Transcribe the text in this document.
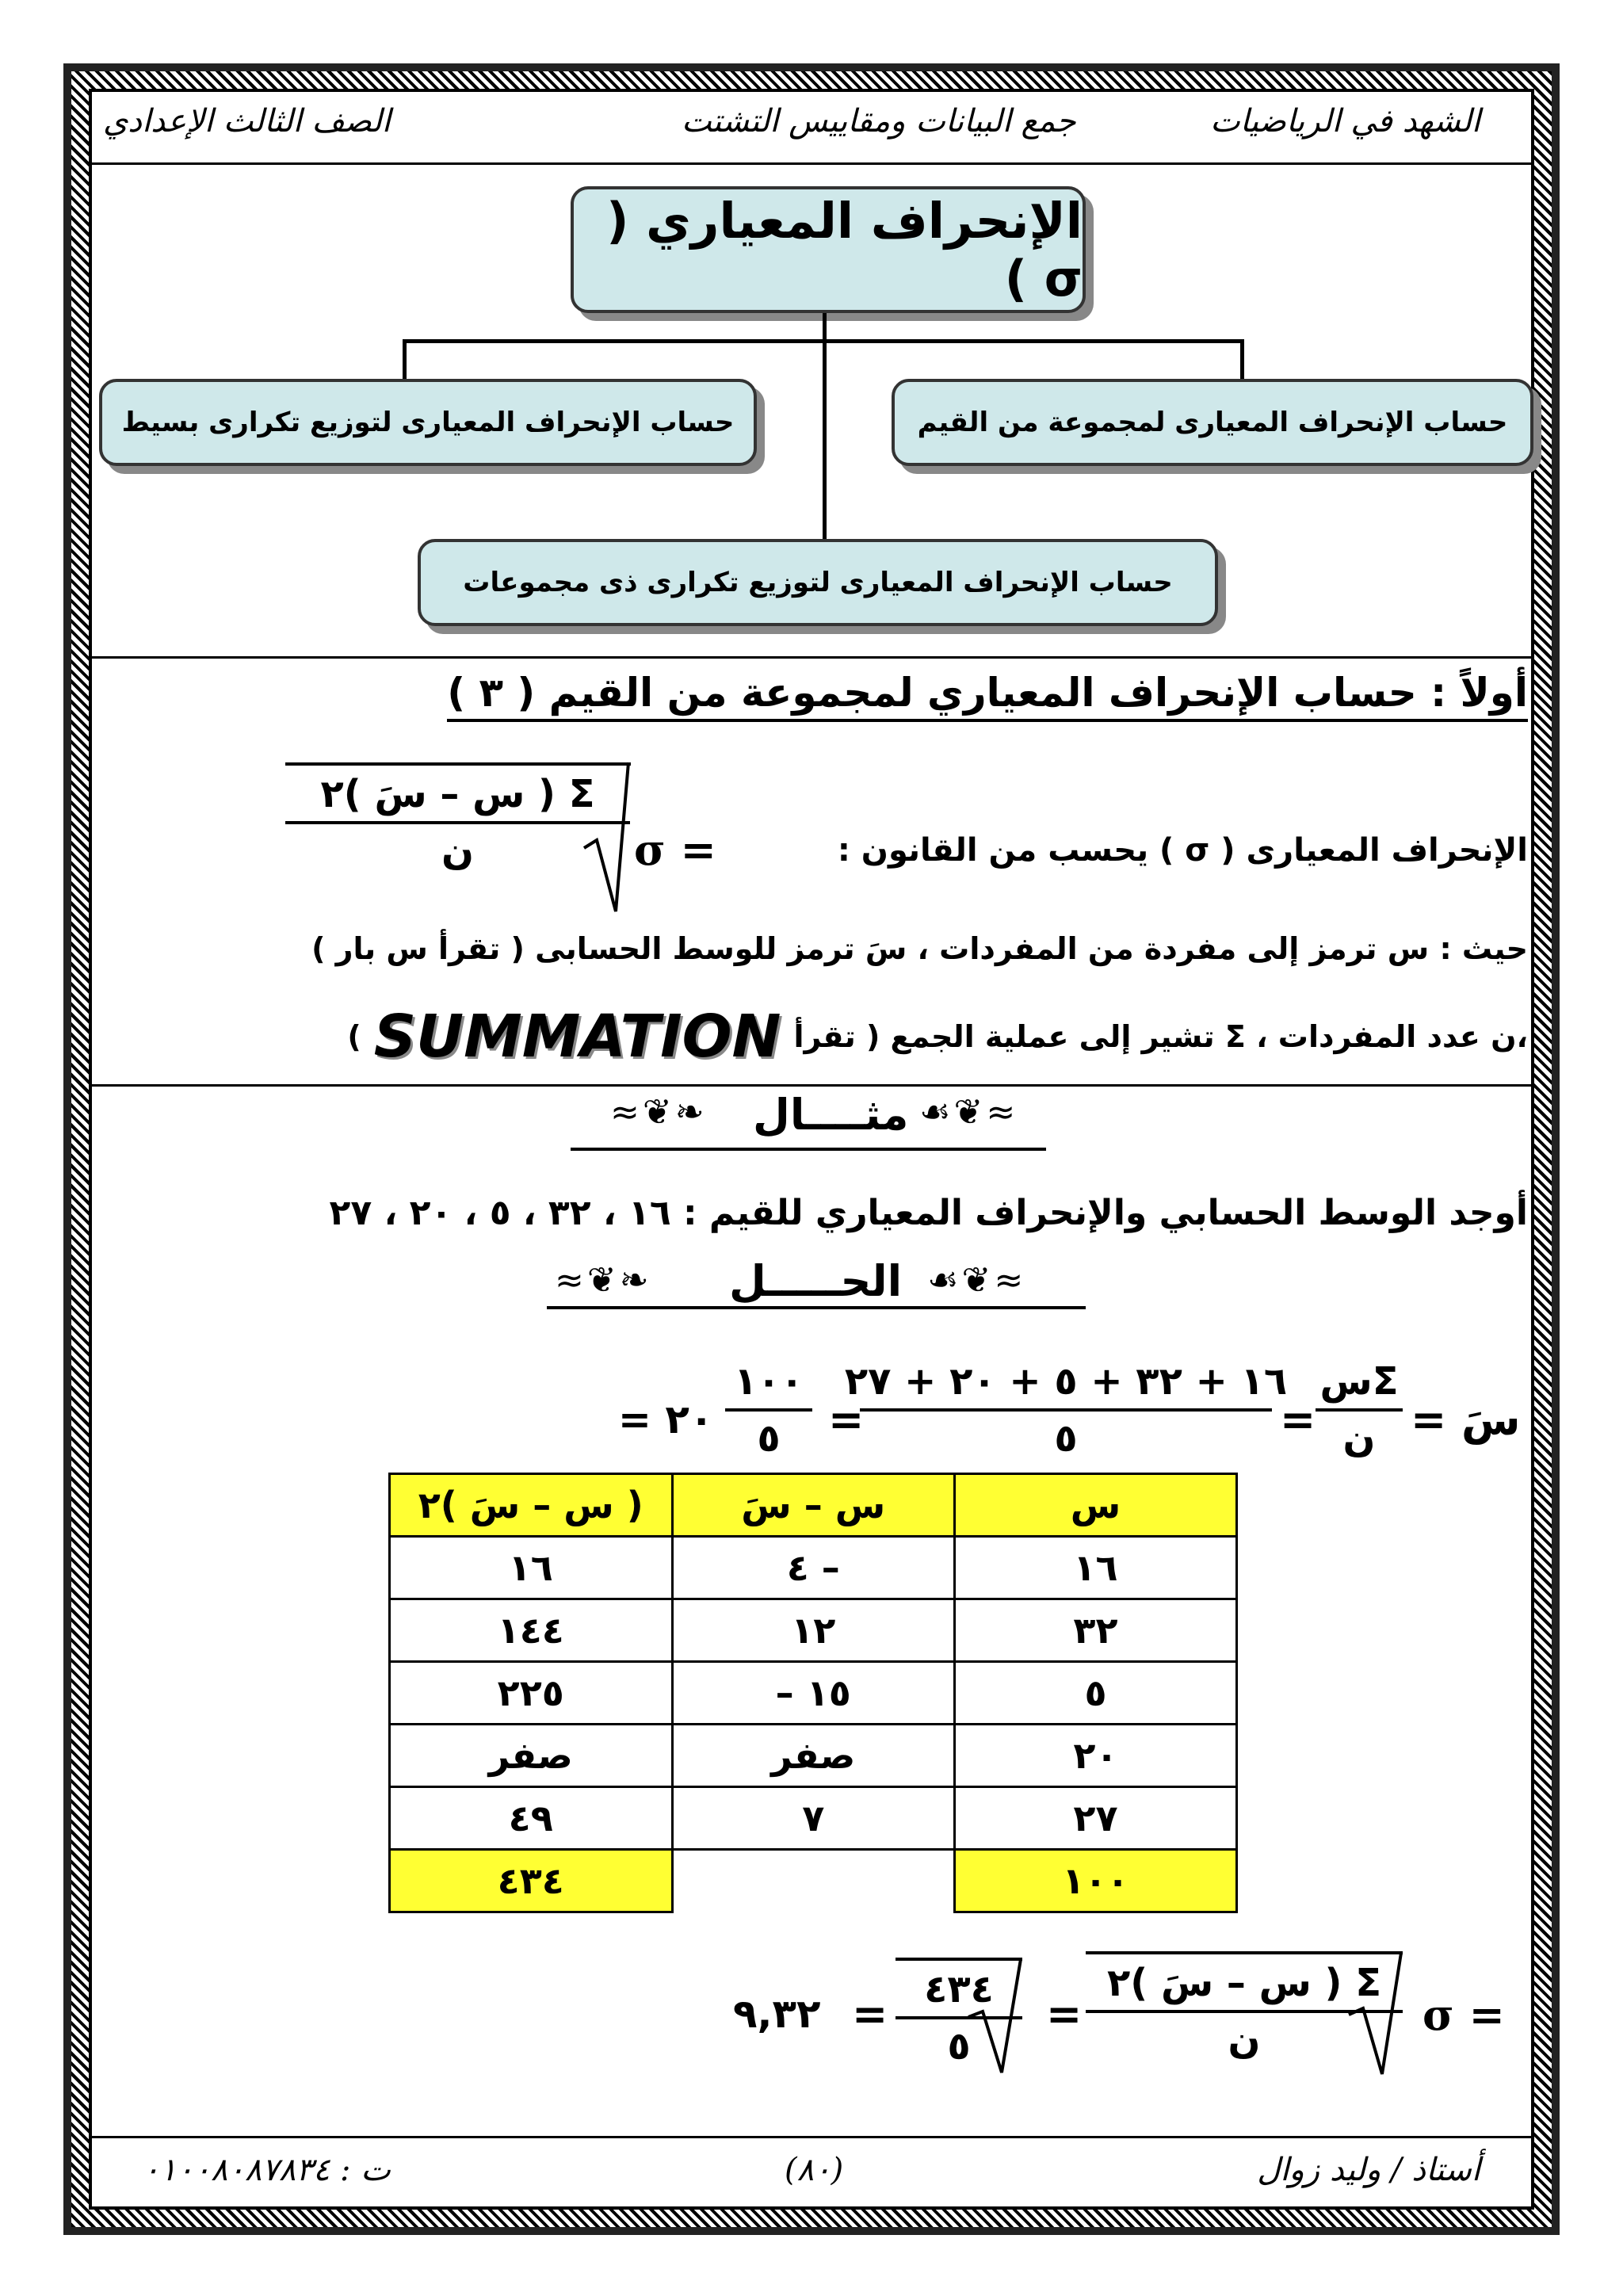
الشهد في الرياضيات
جمع البيانات ومقاييس التشتت
الصف الثالث الإعدادي
الإنحراف المعياري ( σ )
حساب الإنحراف المعيارى لمجموعة من القيم
حساب الإنحراف المعيارى لتوزيع تكرارى بسيط
حساب الإنحراف المعيارى لتوزيع تكرارى ذى مجموعات
أولاً : حساب الإنحراف المعياري لمجموعة من القيم ( ٣ )
الإنحراف المعيارى ( σ ) يحسب من القانون :
σ =
Σ ( س – سَ )٢
ن
حيث : س ترمز إلى مفردة من المفردات ، سَ ترمز للوسط الحسابى ( تقرأ س بار )
،ن عدد المفردات ، Σ تشير إلى عملية الجمع ( تقرأ
SUMMATION
)
≈❦❧	☙❦≈
مثــــال
أوجد الوسط الحسابي والإنحراف المعياري للقيم : ١٦ ، ٣٢ ، ٥ ، ٢٠ ، ٢٧
≈❦❧	☙❦≈
الحـــــل
سَ =
Σس
ن
=
١٦ + ٣٢ + ٥ + ٢٠ + ٢٧
٥
=
١٠٠
٥
= ٢٠
س	س – سَ	( س – سَ )٢
١٦	– ٤	١٦
٣٢	١٢	١٤٤
٥	١٥ –	٢٢٥
٢٠	صفر	صفر
٢٧	٧	٤٩
١٠٠		٤٣٤
σ =
Σ ( س – سَ )٢
ن
=
٤٣٤
٥
=
٩,٣٢
أستاذ / وليد زوال
(٨٠)
ت : ٠١٠٠٨٠٨٧٨٣٤
